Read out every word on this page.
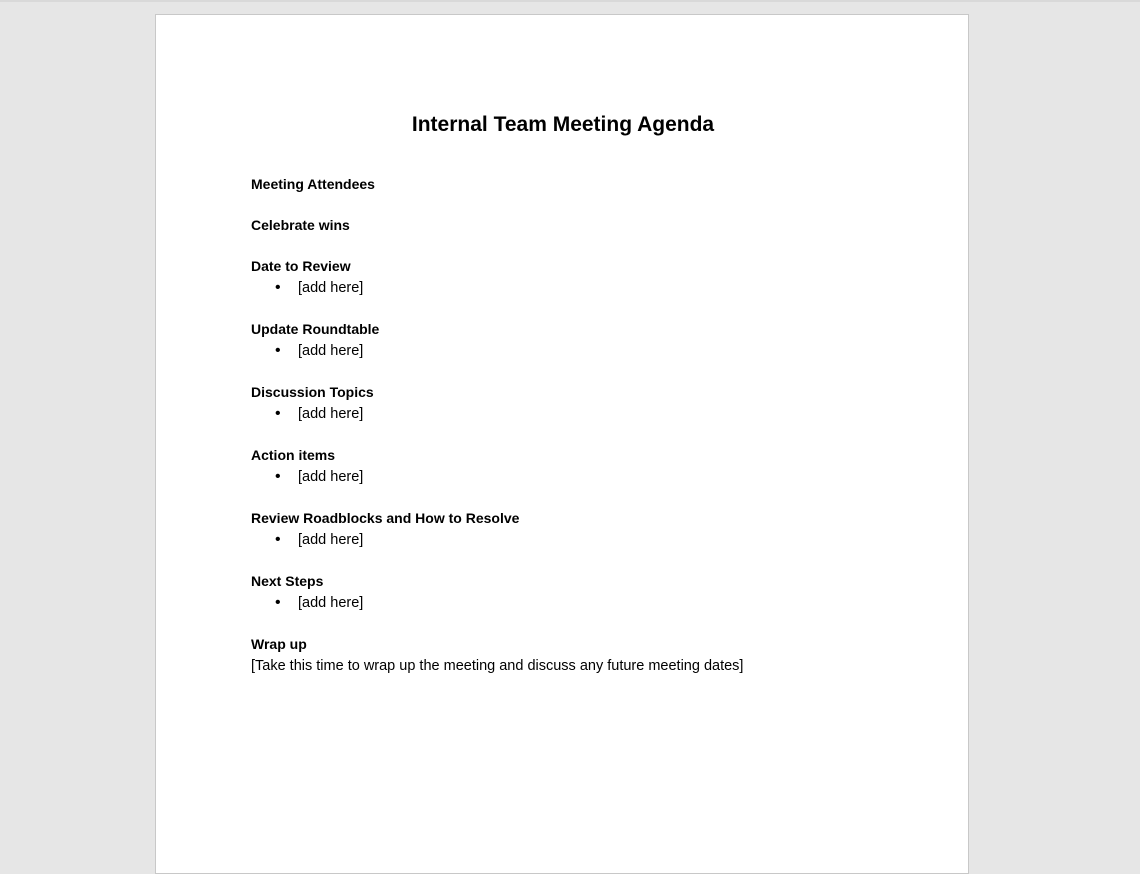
Internal Team Meeting Agenda
Meeting Attendees
Celebrate wins
Date to Review
• [add here]
Update Roundtable
• [add here]
Discussion Topics
• [add here]
Action items
• [add here]
Review Roadblocks and How to Resolve
• [add here]
Next Steps
• [add here]
Wrap up
[Take this time to wrap up the meeting and discuss any future meeting dates]
